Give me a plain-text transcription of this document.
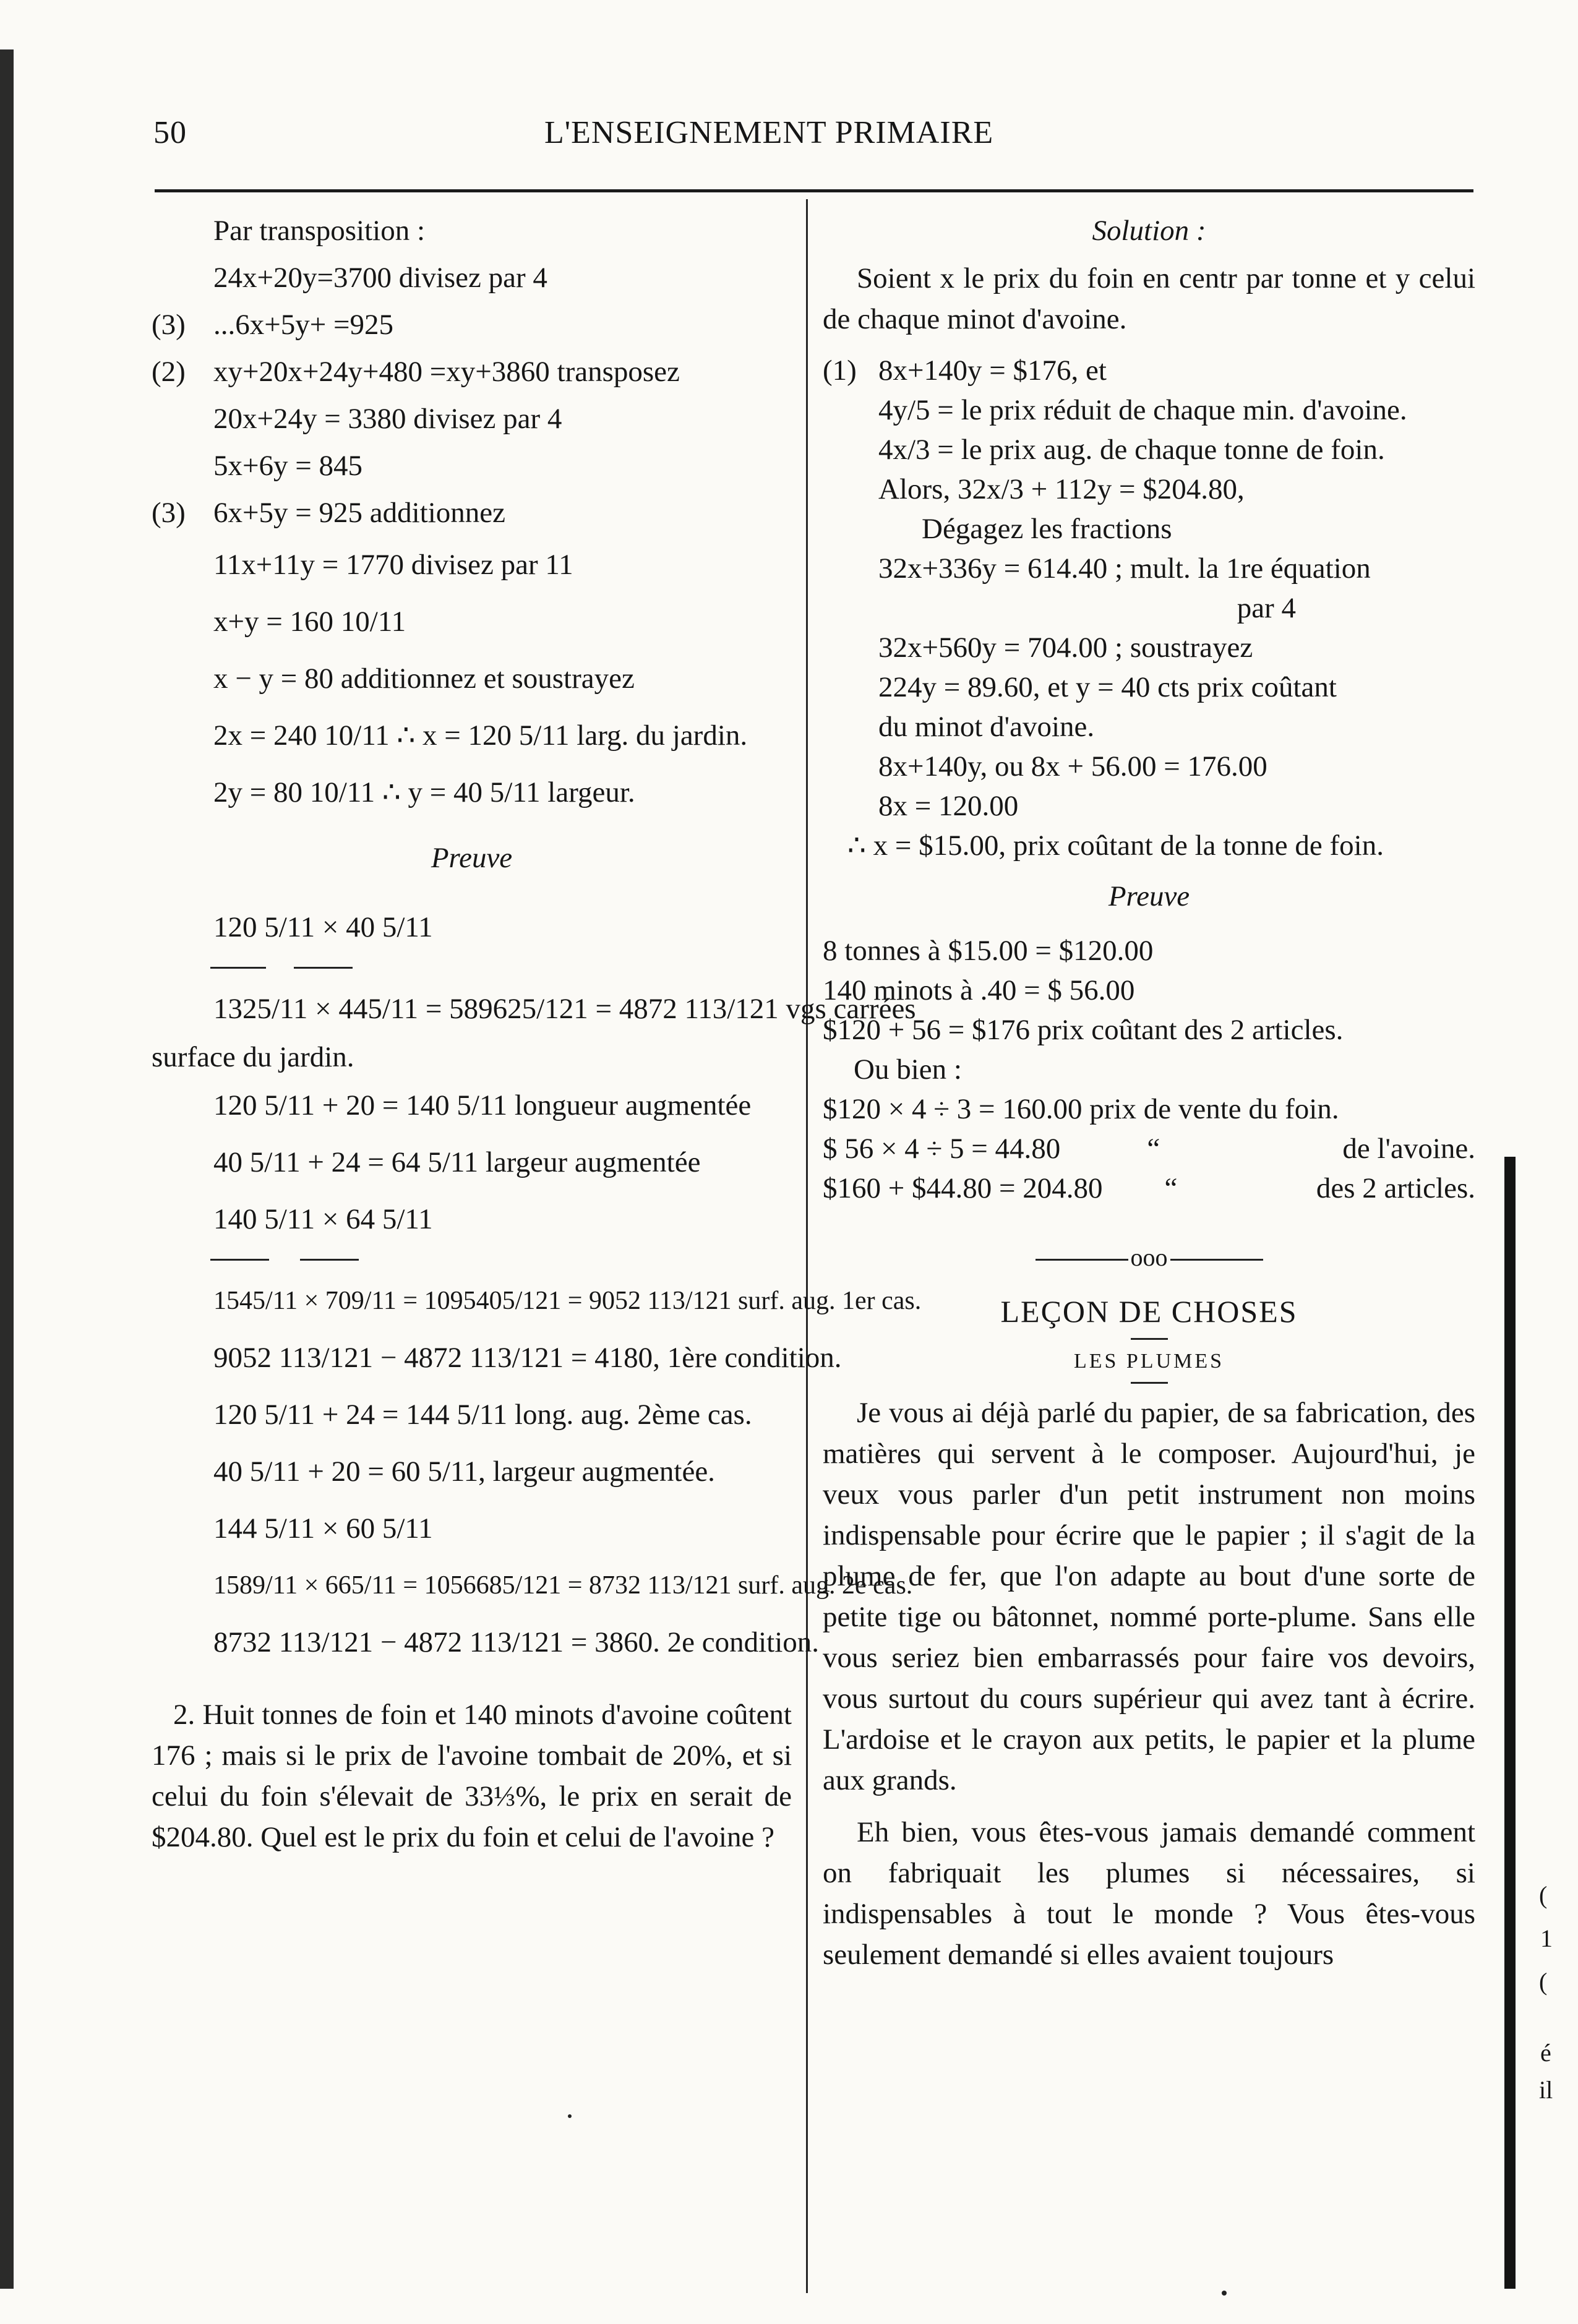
50	L'ENSEIGNEMENT PRIMAIRE
Par transposition :
24x+20y=3700 divisez par 4
(3) ...6x+5y+ =925
(2) xy+20x+24y+480 =xy+3860 transposez
20x+24y = 3380 divisez par 4
5x+6y = 845
(3) 6x+5y = 925 additionnez
11x+11y = 1770 divisez par 11
x+y = 160 10/11
x − y = 80 additionnez et soustrayez
2x = 240 10/11 ∴ x = 120 5/11 larg. du jardin.
2y = 80 10/11 ∴ y = 40 5/11 largeur.
Preuve
120 5/11 × 40 5/11
1325/11 × 445/11 = 589625/121 = 4872 113/121 vgs carrées
surface du jardin.
120 5/11 + 20 = 140 5/11 longueur augmentée
40 5/11 + 24 = 64 5/11 largeur augmentée
140 5/11 × 64 5/11
1545/11 × 709/11 = 1095405/121 = 9052 113/121 surf. aug. 1er cas.
9052 113/121 − 4872 113/121 = 4180, 1ère condition.
120 5/11 + 24 = 144 5/11 long. aug. 2ème cas.
40 5/11 + 20 = 60 5/11, largeur augmentée.
144 5/11 × 60 5/11
1589/11 × 665/11 = 1056685/121 = 8732 113/121 surf. aug. 2e cas.
8732 113/121 − 4872 113/121 = 3860. 2e condition.
2. Huit tonnes de foin et 140 minots d'avoine coûtent 176 ; mais si le prix de l'avoine tombait de 20%, et si celui du foin s'élevait de 33⅓%, le prix en serait de $204.80. Quel est le prix du foin et celui de l'avoine ?
Solution :
Soient x le prix du foin en centr par tonne et y celui de chaque minot d'avoine.
(1) 8x+140y = $176, et
4y/5 = le prix réduit de chaque min. d'avoine.
4x/3 = le prix aug. de chaque tonne de foin.
Alors, 32x/3 + 112y = $204.80,
Dégagez les fractions
32x+336y = 614.40 ; mult. la 1re équation
par 4
32x+560y = 704.00 ; soustrayez
224y = 89.60, et y = 40 cts prix coûtant
du minot d'avoine.
8x+140y, ou 8x + 56.00 = 176.00
8x = 120.00
∴ x = $15.00, prix coûtant de la tonne de foin.
Preuve
8 tonnes à $15.00 = $120.00
140 minots à .40 = $ 56.00
$120 + 56 = $176 prix coûtant des 2 articles.
Ou bien :
$120 × 4 ÷ 3 = 160.00 prix de vente du foin.
$ 56 × 4 ÷ 5 = 44.80	“	de l'avoine.
$160 + $44.80 = 204.80 “	des 2 articles.
ooo
LEÇON DE CHOSES
LES PLUMES
Je vous ai déjà parlé du papier, de sa fabrication, des matières qui servent à le composer. Aujourd'hui, je veux vous parler d'un petit instrument non moins indispensable pour écrire que le papier ; il s'agit de la plume de fer, que l'on adapte au bout d'une sorte de petite tige ou bâtonnet, nommé porte-plume. Sans elle vous seriez bien embarrassés pour faire vos devoirs, vous surtout du cours supérieur qui avez tant à écrire. L'ardoise et le crayon aux petits, le papier et la plume aux grands.
Eh bien, vous êtes-vous jamais demandé comment on fabriquait les plumes si nécessaires, si indispensables à tout le monde ? Vous êtes-vous seulement demandé si elles avaient toujours
(
1
(
é
il
